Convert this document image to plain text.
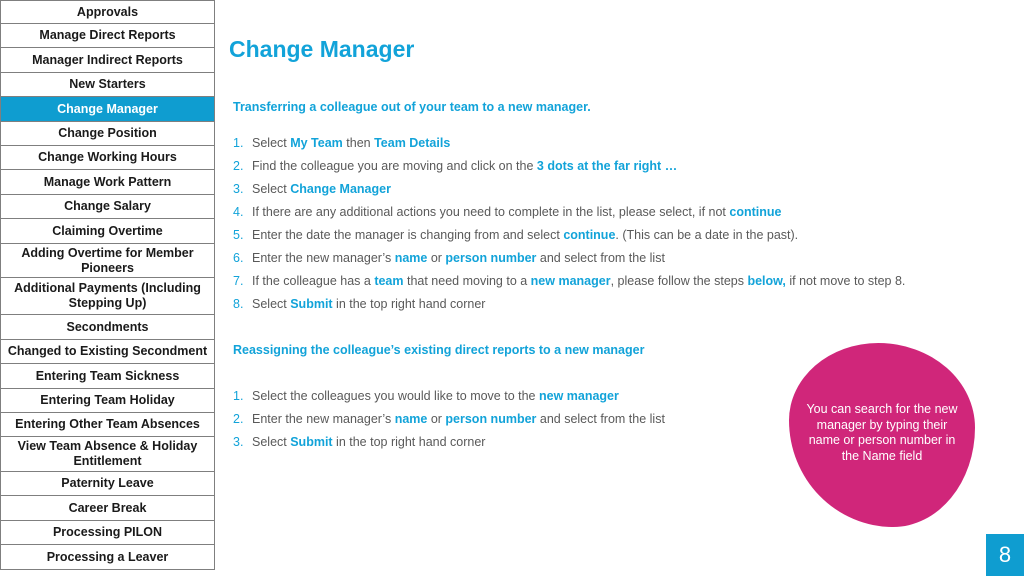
Approvals
Manage Direct Reports
Manager Indirect Reports
New Starters
Change Manager
Change Position
Change Working Hours
Manage Work Pattern
Change Salary
Claiming Overtime
Adding Overtime for Member Pioneers
Additional Payments (Including Stepping Up)
Secondments
Changed to Existing Secondment
Entering Team Sickness
Entering Team Holiday
Entering Other Team Absences
View Team Absence & Holiday Entitlement
Paternity Leave
Career Break
Processing PILON
Processing a Leaver
Change Manager
Transferring a colleague out of your team to a new manager.
1. Select My Team then Team Details
2. Find the colleague you are moving and click on the 3 dots at the far right …
3. Select Change Manager
4. If there are any additional actions you need to complete in the list, please select, if not continue
5. Enter the date the manager is changing from and select continue. (This can be a date in the past).
6. Enter the new manager’s name or person number and select from the list
7. If the colleague has a team that need moving to a new manager, please follow the steps below, if not move to step 8.
8. Select Submit in the top right hand corner
Reassigning the colleague’s existing direct reports to a new manager
1. Select the colleagues you would like to move to the new manager
2. Enter the new manager’s name or person number and select from the list
3. Select Submit in the top right hand corner
You can search for the new manager by typing their name or person number in the Name field
8
